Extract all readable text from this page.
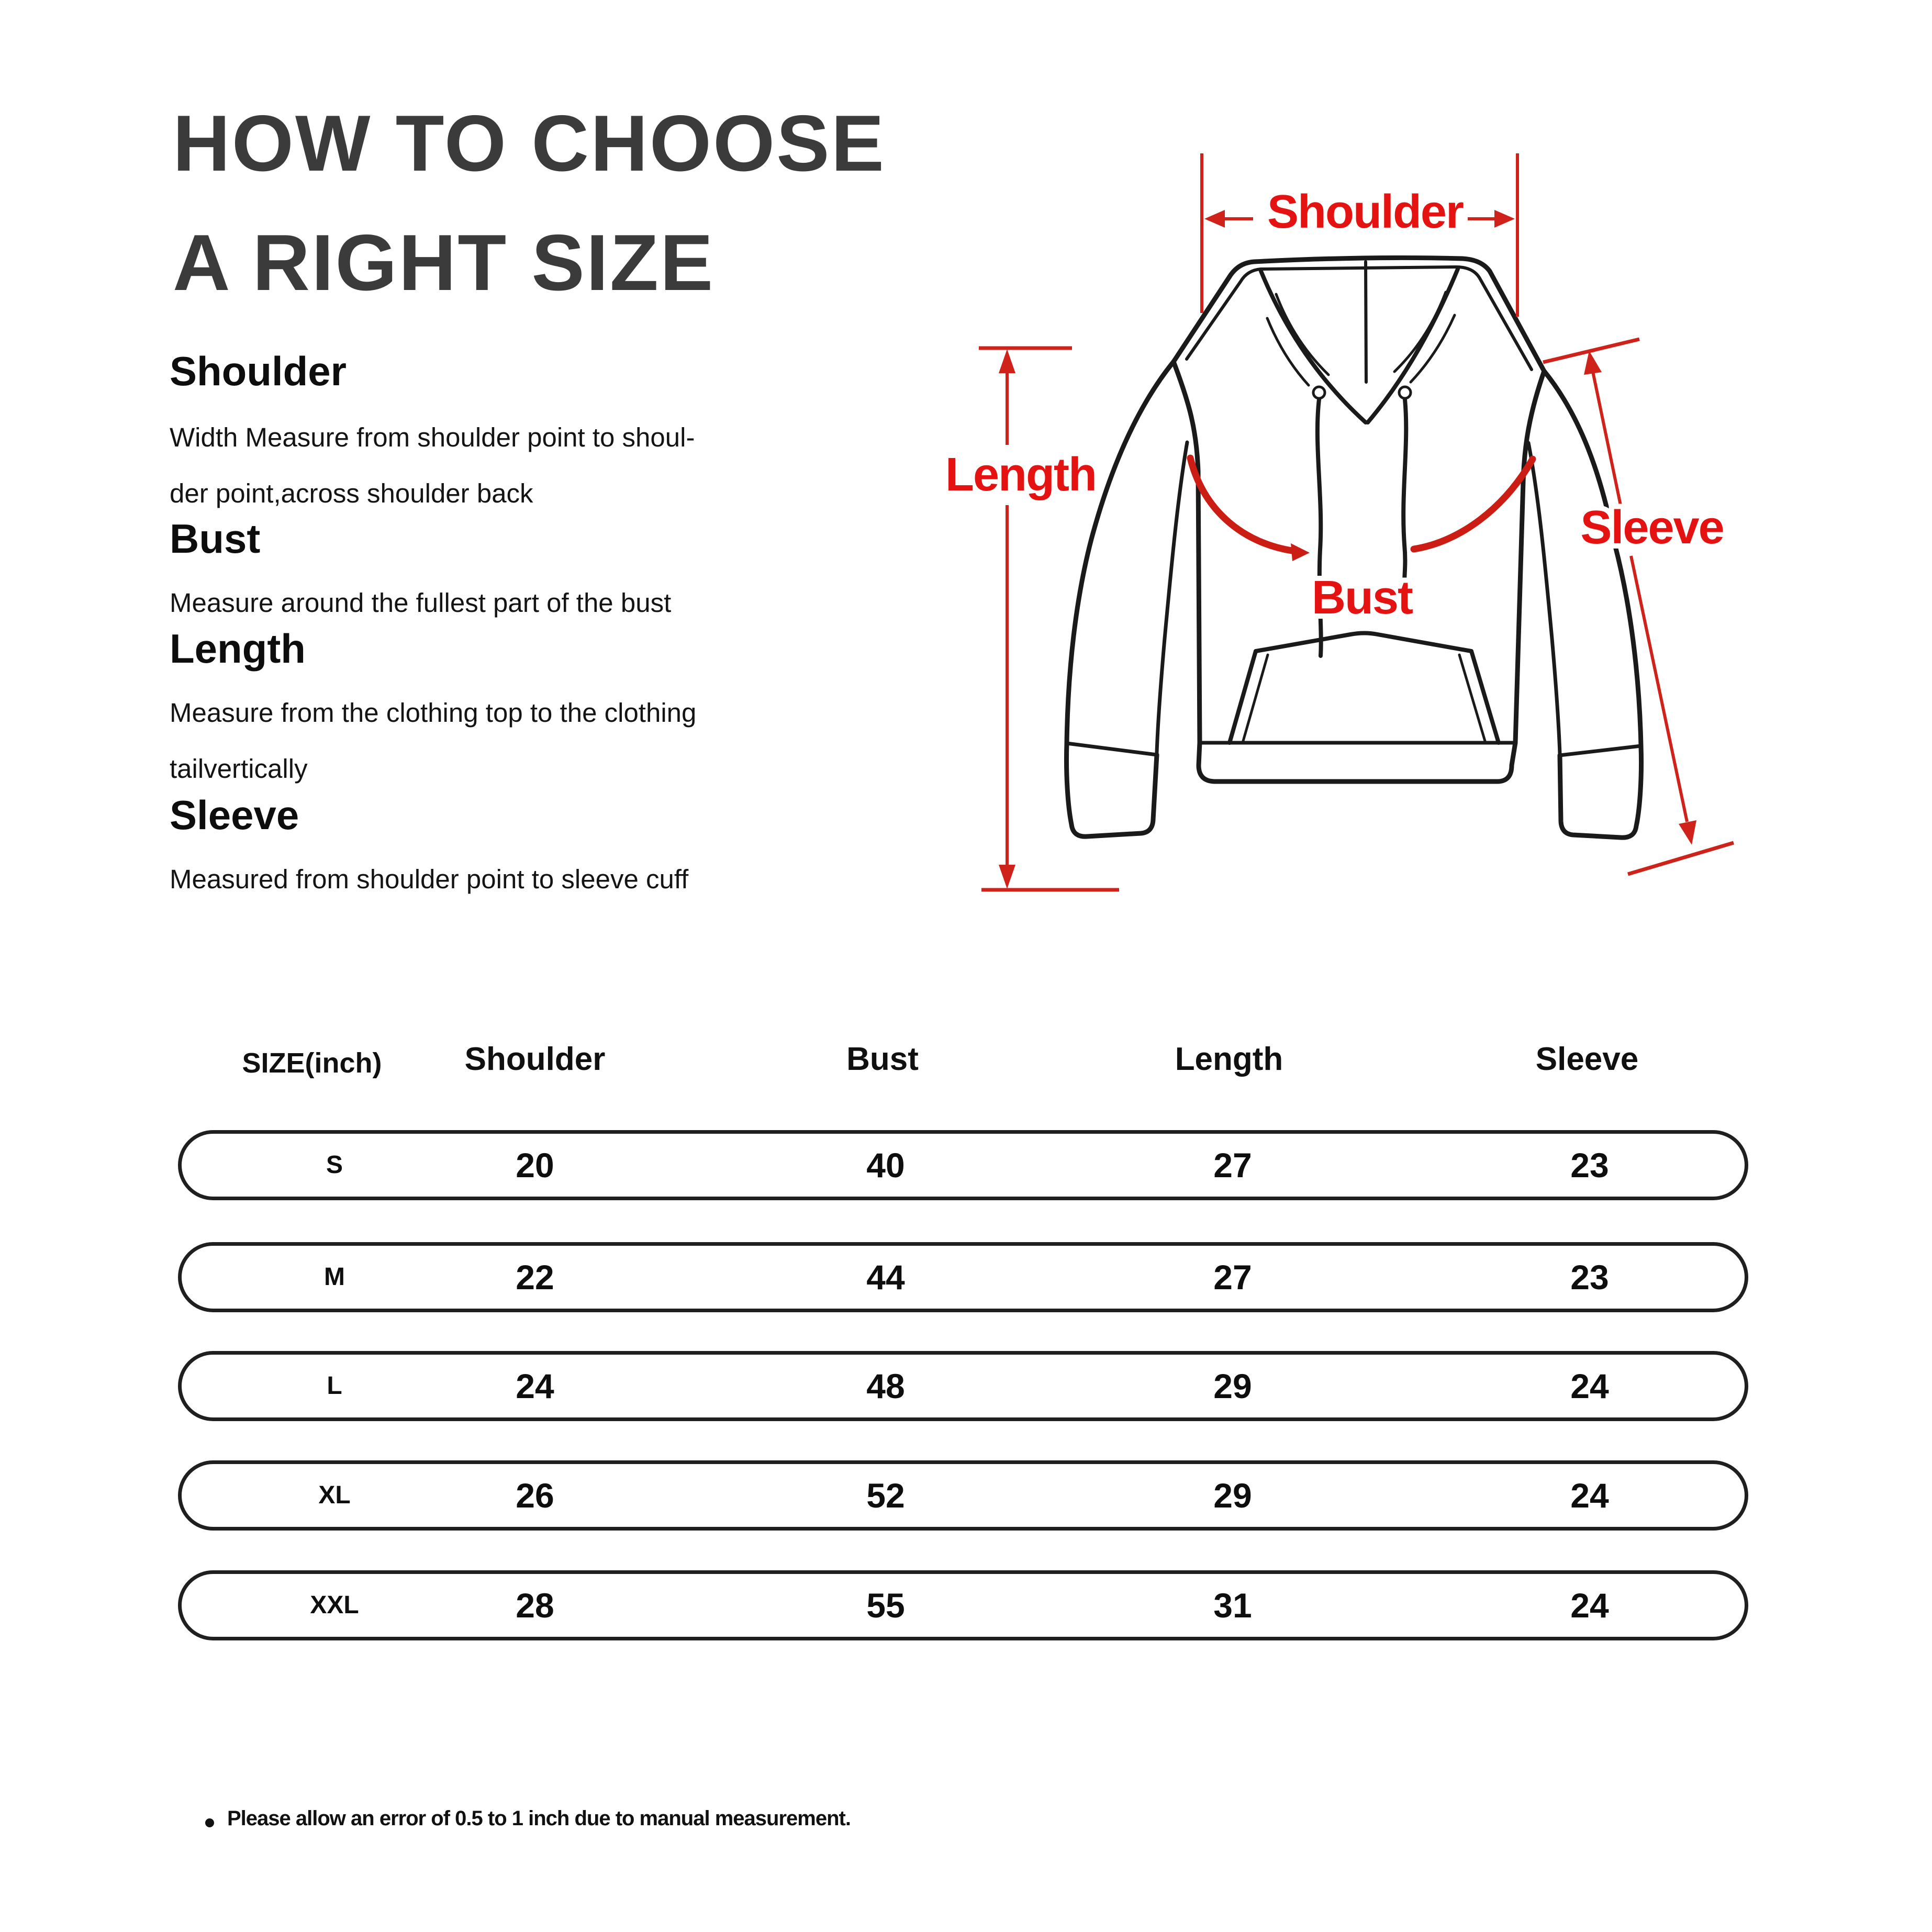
HOW TO CHOOSE
A RIGHT SIZE
Shoulder
Width Measure from shoulder point to shoul-
der point,across shoulder back
Bust
Measure around the fullest part of the bust
Length
Measure from the clothing top to the clothing
tailvertically
Sleeve
Measured from shoulder point to sleeve cuff
Shoulder
Length
Bust
Sleeve
SIZE(inch)	Shoulder	Bust	Length	Sleeve
S	20	40	27	23
M	22	44	27	23
L	24	48	29	24
XL	26	52	29	24
XXL	28	55	31	24
Please allow an error of 0.5 to 1 inch due to manual measurement.
